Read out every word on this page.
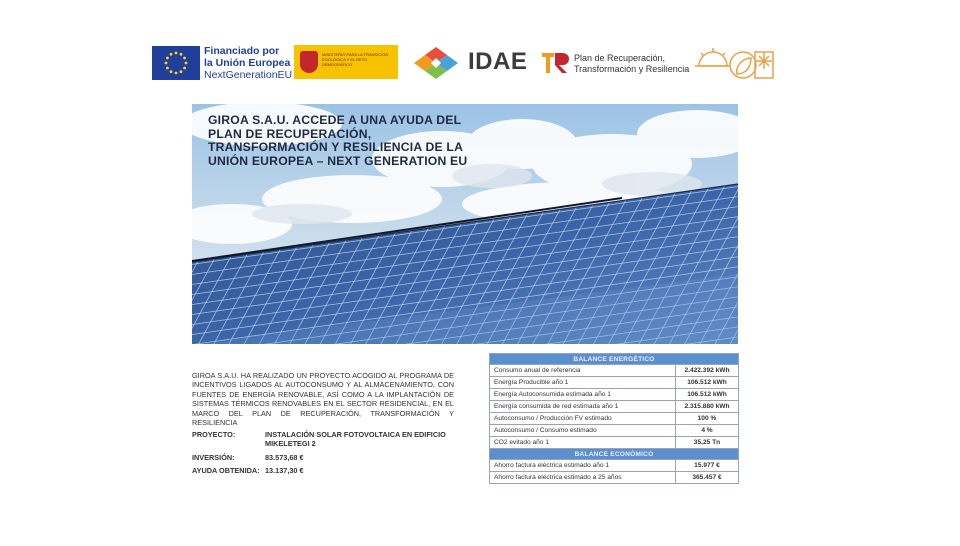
Financiado por
la Unión Europea
NextGenerationEU
MINISTERIO PARA LA TRANSICIÓN ECOLÓGICA Y EL RETO DEMOGRÁFICO	IDAE	Plan de Recuperación,
Transformación y Resiliencia
GIROA S.A.U. ACCEDE A UNA AYUDA DEL PLAN DE RECUPERACIÓN, TRANSFORMACIÓN Y RESILIENCIA DE LA UNIÓN EUROPEA – NEXT GENERATION EU
GIROA S.A.U. HA REALIZADO UN PROYECTO ACOGIDO AL PROGRAMA DE INCENTIVOS LIGADOS AL AUTOCONSUMO Y AL ALMACENAMIENTO, CON FUENTES DE ENERGÍA RENOVABLE, ASÍ COMO A LA IMPLANTACIÓN DE SISTEMAS TÉRMICOS RENOVABLES EN EL SECTOR RESIDENCIAL, EN EL MARCO DEL PLAN DE RECUPERACIÓN, TRANSFORMACIÓN Y RESILIENCIA
PROYECTO:	INSTALACIÓN SOLAR FOTOVOLTAICA EN EDIFICIO MIKELETEGI 2
INVERSIÓN:	83.573,68 €
AYUDA OBTENIDA: 13.137,30 €
BALANCE ENERGÉTICO	
Consumo anual de referencia	2.422.392 kWh
Energía Producible año 1	106.512 kWh
Energía Autoconsumida estimada año 1	106.512 kWh
Energía consumida de red estimada año 1	2.315.880 kWh
Autoconsumo / Producción FV estimado	100 %
Autoconsumo / Consumo estimado	4 %
CO2 evitado año 1	35,25 Tn
BALANCE ECONÓMICO	
Ahorro factura eléctrica estimado año 1	15.977 €
Ahorro factura eléctrica estimado a 25 años	365.457 €
